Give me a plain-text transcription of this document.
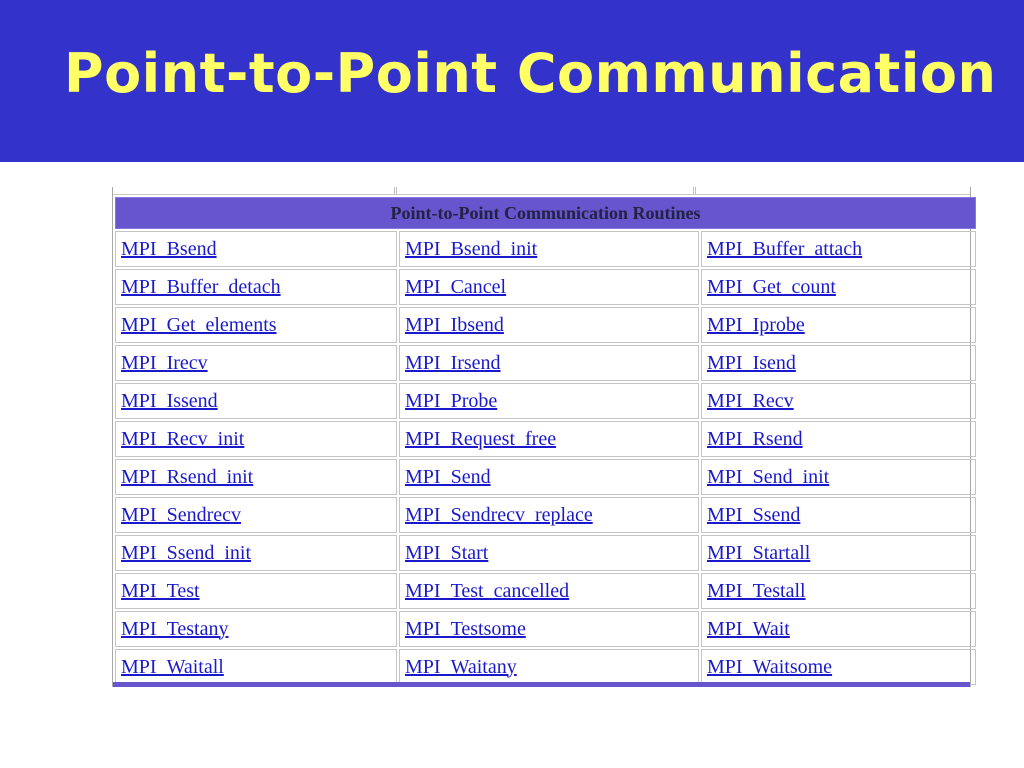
Point-to-Point Communication
Point-to-Point Communication Routines		
MPI_Bsend	MPI_Bsend_init	MPI_Buffer_attach
MPI_Buffer_detach	MPI_Cancel	MPI_Get_count
MPI_Get_elements	MPI_Ibsend	MPI_Iprobe
MPI_Irecv	MPI_Irsend	MPI_Isend
MPI_Issend	MPI_Probe	MPI_Recv
MPI_Recv_init	MPI_Request_free	MPI_Rsend
MPI_Rsend_init	MPI_Send	MPI_Send_init
MPI_Sendrecv	MPI_Sendrecv_replace	MPI_Ssend
MPI_Ssend_init	MPI_Start	MPI_Startall
MPI_Test	MPI_Test_cancelled	MPI_Testall
MPI_Testany	MPI_Testsome	MPI_Wait
MPI_Waitall	MPI_Waitany	MPI_Waitsome
